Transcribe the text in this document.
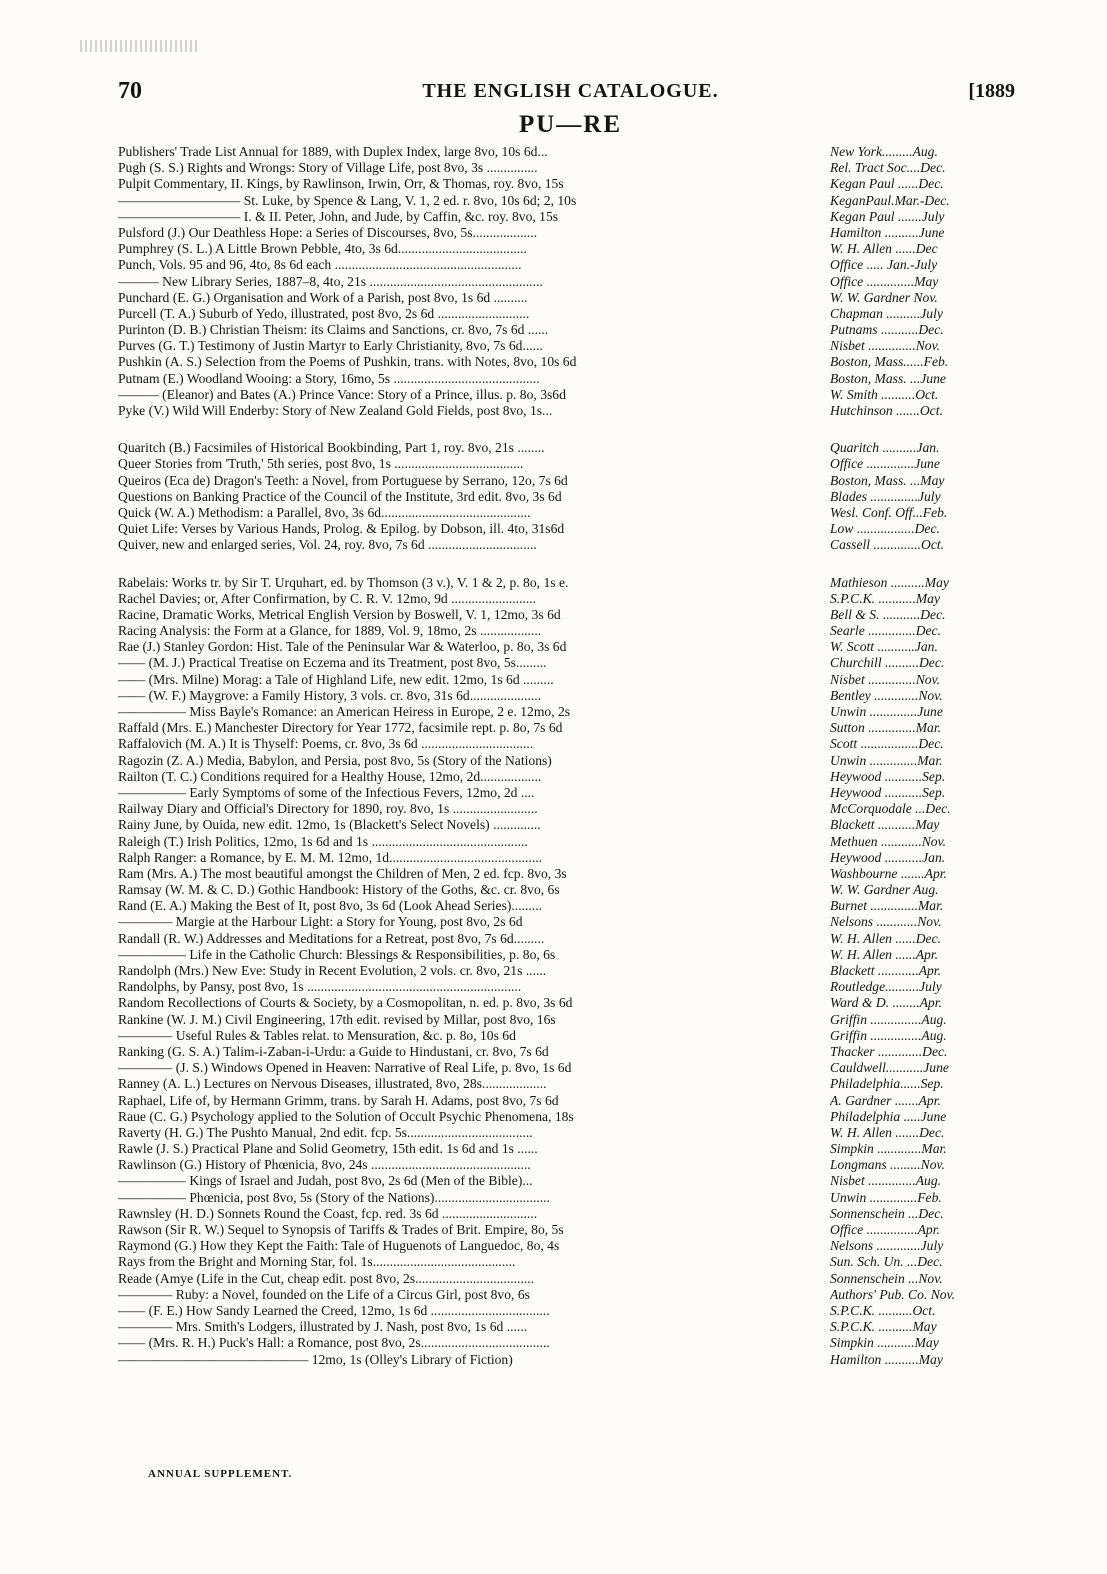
70	THE ENGLISH CATALOGUE.	[1889
PU—RE
Publishers' Trade List Annual for 1889, with Duplex Index, large 8vo, 10s 6d...	New York.........Aug.
Pugh (S. S.) Rights and Wrongs: Story of Village Life, post 8vo, 3s ...............	Rel. Tract Soc....Dec.
Pulpit Commentary, II. Kings, by Rawlinson, Irwin, Orr, & Thomas, roy. 8vo, 15s	Kegan Paul ......Dec.
————————— St. Luke, by Spence & Lang, V. 1, 2 ed. r. 8vo, 10s 6d; 2, 10s	KeganPaul.Mar.-Dec.
————————— I. & II. Peter, John, and Jude, by Caffin, &c. roy. 8vo, 15s	Kegan Paul .......July
Pulsford (J.) Our Deathless Hope: a Series of Discourses, 8vo, 5s...................	Hamilton ..........June
Pumphrey (S. L.) A Little Brown Pebble, 4to, 3s 6d......................................	W. H. Allen ......Dec
Punch, Vols. 95 and 96, 4to, 8s 6d each .......................................................	Office ..... Jan.-July
——— New Library Series, 1887–8, 4to, 21s ...................................................	Office ..............May
Punchard (E. G.) Organisation and Work of a Parish, post 8vo, 1s 6d ..........	W. W. Gardner Nov.
Purcell (T. A.) Suburb of Yedo, illustrated, post 8vo, 2s 6d ...........................	Chapman ..........July
Purinton (D. B.) Christian Theism: its Claims and Sanctions, cr. 8vo, 7s 6d ......	Putnams ...........Dec.
Purves (G. T.) Testimony of Justin Martyr to Early Christianity, 8vo, 7s 6d......	Nisbet ..............Nov.
Pushkin (A. S.) Selection from the Poems of Pushkin, trans. with Notes, 8vo, 10s 6d	Boston, Mass......Feb.
Putnam (E.) Woodland Wooing: a Story, 16mo, 5s ...........................................	Boston, Mass. ...June
——— (Eleanor) and Bates (A.) Prince Vance: Story of a Prince, illus. p. 8o, 3s6d	W. Smith ..........Oct.
Pyke (V.) Wild Will Enderby: Story of New Zealand Gold Fields, post 8vo, 1s...	Hutchinson .......Oct.
Quaritch (B.) Facsimiles of Historical Bookbinding, Part 1, roy. 8vo, 21s ........	Quaritch ..........Jan.
Queer Stories from 'Truth,' 5th series, post 8vo, 1s ......................................	Office ..............June
Queiros (Eca de) Dragon's Teeth: a Novel, from Portuguese by Serrano, 12o, 7s 6d	Boston, Mass. ...May
Questions on Banking Practice of the Council of the Institute, 3rd edit. 8vo, 3s 6d	Blades ..............July
Quick (W. A.) Methodism: a Parallel, 8vo, 3s 6d............................................	Wesl. Conf. Off...Feb.
Quiet Life: Verses by Various Hands, Prolog. & Epilog. by Dobson, ill. 4to, 31s6d	Low .................Dec.
Quiver, new and enlarged series, Vol. 24, roy. 8vo, 7s 6d ................................	Cassell ..............Oct.
Rabelais: Works tr. by Sir T. Urquhart, ed. by Thomson (3 v.), V. 1 & 2, p. 8o, 1s e.	Mathieson ..........May
Rachel Davies; or, After Confirmation, by C. R. V. 12mo, 9d .........................	S.P.C.K. ...........May
Racine, Dramatic Works, Metrical English Version by Boswell, V. 1, 12mo, 3s 6d	Bell & S. ...........Dec.
Racing Analysis: the Form at a Glance, for 1889, Vol. 9, 18mo, 2s ..................	Searle ..............Dec.
Rae (J.) Stanley Gordon: Hist. Tale of the Peninsular War & Waterloo, p. 8o, 3s 6d	W. Scott ...........Jan.
—— (M. J.) Practical Treatise on Eczema and its Treatment, post 8vo, 5s.........	Churchill ..........Dec.
—— (Mrs. Milne) Morag: a Tale of Highland Life, new edit. 12mo, 1s 6d .........	Nisbet ..............Nov.
—— (W. F.) Maygrove: a Family History, 3 vols. cr. 8vo, 31s 6d.....................	Bentley .............Nov.
————— Miss Bayle's Romance: an American Heiress in Europe, 2 e. 12mo, 2s	Unwin ..............June
Raffald (Mrs. E.) Manchester Directory for Year 1772, facsimile rept. p. 8o, 7s 6d	Sutton ..............Mar.
Raffalovich (M. A.) It is Thyself: Poems, cr. 8vo, 3s 6d .................................	Scott .................Dec.
Ragozin (Z. A.) Media, Babylon, and Persia, post 8vo, 5s (Story of the Nations)	Unwin ..............Mar.
Railton (T. C.) Conditions required for a Healthy House, 12mo, 2d..................	Heywood ...........Sep.
————— Early Symptoms of some of the Infectious Fevers, 12mo, 2d ....	Heywood ...........Sep.
Railway Diary and Official's Directory for 1890, roy. 8vo, 1s .........................	McCorquodale ...Dec.
Rainy June, by Ouida, new edit. 12mo, 1s (Blackett's Select Novels) ..............	Blackett ...........May
Raleigh (T.) Irish Politics, 12mo, 1s 6d and 1s ..............................................	Methuen ............Nov.
Ralph Ranger: a Romance, by E. M. M. 12mo, 1d.............................................	Heywood ...........Jan.
Ram (Mrs. A.) The most beautiful amongst the Children of Men, 2 ed. fcp. 8vo, 3s	Washbourne .......Apr.
Ramsay (W. M. & C. D.) Gothic Handbook: History of the Goths, &c. cr. 8vo, 6s	W. W. Gardner Aug.
Rand (E. A.) Making the Best of It, post 8vo, 3s 6d (Look Ahead Series).........	Burnet ..............Mar.
———— Margie at the Harbour Light: a Story for Young, post 8vo, 2s 6d	Nelsons ............Nov.
Randall (R. W.) Addresses and Meditations for a Retreat, post 8vo, 7s 6d.........	W. H. Allen ......Dec.
————— Life in the Catholic Church: Blessings & Responsibilities, p. 8o, 6s	W. H. Allen ......Apr.
Randolph (Mrs.) New Eve: Study in Recent Evolution, 2 vols. cr. 8vo, 21s ......	Blackett ............Apr.
Randolphs, by Pansy, post 8vo, 1s ...............................................................	Routledge..........July
Random Recollections of Courts & Society, by a Cosmopolitan, n. ed. p. 8vo, 3s 6d	Ward & D. ........Apr.
Rankine (W. J. M.) Civil Engineering, 17th edit. revised by Millar, post 8vo, 16s	Griffin ...............Aug.
———— Useful Rules & Tables relat. to Mensuration, &c. p. 8o, 10s 6d	Griffin ...............Aug.
Ranking (G. S. A.) Talim-i-Zaban-i-Urdu: a Guide to Hindustani, cr. 8vo, 7s 6d	Thacker .............Dec.
———— (J. S.) Windows Opened in Heaven: Narrative of Real Life, p. 8vo, 1s 6d	Cauldwell...........June
Ranney (A. L.) Lectures on Nervous Diseases, illustrated, 8vo, 28s...................	Philadelphia......Sep.
Raphael, Life of, by Hermann Grimm, trans. by Sarah H. Adams, post 8vo, 7s 6d	A. Gardner .......Apr.
Raue (C. G.) Psychology applied to the Solution of Occult Psychic Phenomena, 18s	Philadelphia .....June
Raverty (H. G.) The Pushto Manual, 2nd edit. fcp. 5s.....................................	W. H. Allen .......Dec.
Rawle (J. S.) Practical Plane and Solid Geometry, 15th edit. 1s 6d and 1s ......	Simpkin .............Mar.
Rawlinson (G.) History of Phœnicia, 8vo, 24s ...............................................	Longmans .........Nov.
————— Kings of Israel and Judah, post 8vo, 2s 6d (Men of the Bible)...	Nisbet ..............Aug.
————— Phœnicia, post 8vo, 5s (Story of the Nations)..................................	Unwin ..............Feb.
Rawnsley (H. D.) Sonnets Round the Coast, fcp. red. 3s 6d ............................	Sonnenschein ...Dec.
Rawson (Sir R. W.) Sequel to Synopsis of Tariffs & Trades of Brit. Empire, 8o, 5s	Office ...............Apr.
Raymond (G.) How they Kept the Faith: Tale of Huguenots of Languedoc, 8o, 4s	Nelsons .............July
Rays from the Bright and Morning Star, fol. 1s..........................................	Sun. Sch. Un. ...Dec.
Reade (Amye (Life in the Cut, cheap edit. post 8vo, 2s...................................	Sonnenschein ...Nov.
———— Ruby: a Novel, founded on the Life of a Circus Girl, post 8vo, 6s	Authors' Pub. Co. Nov.
—— (F. E.) How Sandy Learned the Creed, 12mo, 1s 6d ...................................	S.P.C.K. ..........Oct.
———— Mrs. Smith's Lodgers, illustrated by J. Nash, post 8vo, 1s 6d ......	S.P.C.K. ..........May
—— (Mrs. R. H.) Puck's Hall: a Romance, post 8vo, 2s......................................	Simpkin ...........May
—————————————— 12mo, 1s (Olley's Library of Fiction)	Hamilton ..........May
ANNUAL SUPPLEMENT.
